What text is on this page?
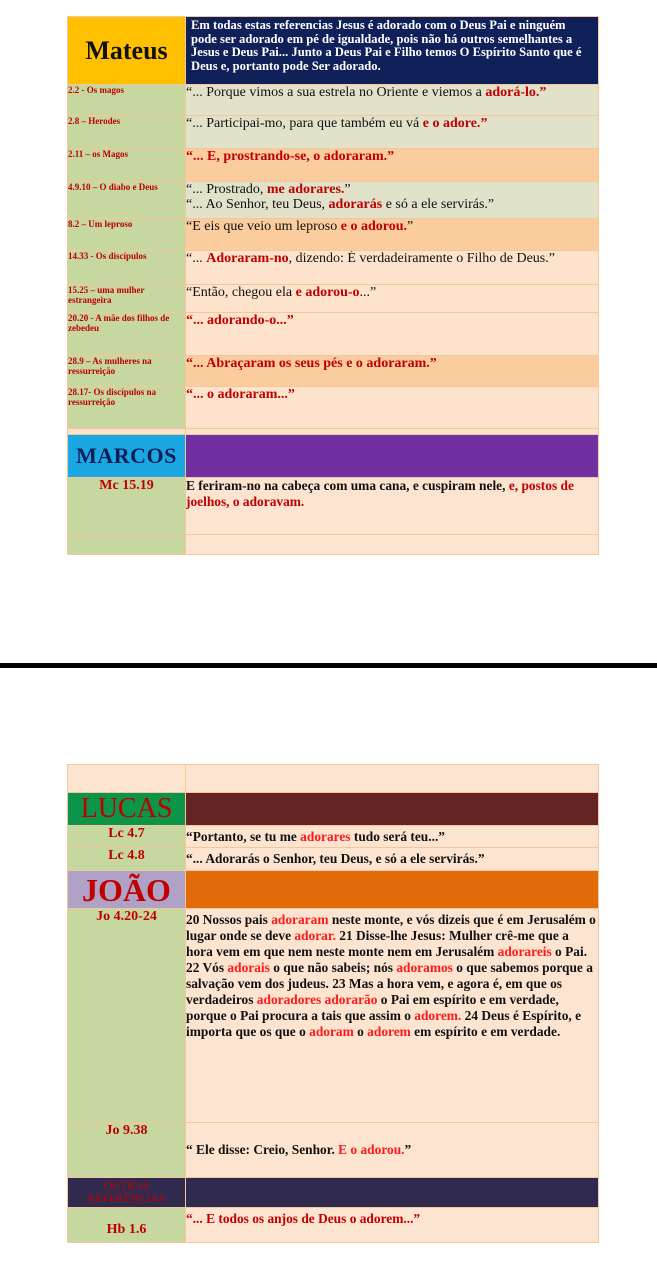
Mateus	Em todas estas referencias Jesus é adorado com o Deus Pai e ninguém pode ser adorado em pé de igualdade, pois não há outros semelhantes a Jesus e Deus Pai... Junto a Deus Pai e Filho temos O Espírito Santo que é Deus e, portanto pode Ser adorado.
2.2 - Os magos	“... Porque vimos a sua estrela no Oriente e viemos a adorá-lo.”
2.8 – Herodes	“... Participai-mo, para que também eu vá e o adore.”
2.11 – os Magos	“... E, prostrando-se, o adoraram.”
4.9.10 – O diabo e Deus	“... Prostrado, me adorares.”
“... Ao Senhor, teu Deus, adorarás e só a ele servirás.”
8.2 – Um leproso	“E eis que veio um leproso e o adorou.”
14.33 - Os discípulos	“... Adoraram-no, dizendo: É verdadeiramente o Filho de Deus.”
15.25 – uma mulher estrangeira	“Então, chegou ela e adorou-o...”
20.20 - A mãe dos filhos de zebedeu	“... adorando-o...”
28.9 – As mulheres na ressurreição	“... Abraçaram os seus pés e o adoraram.”
28.17- Os discípulos na ressurreição	“... o adoraram...”

MARCOS	
Mc 15.19	E feriram-no na cabeça com uma cana, e cuspiram nele, e, postos de joelhos, o adoravam.

LUCAS	
Lc 4.7	“Portanto, se tu me adorares tudo será teu...”
Lc 4.8	“... Adorarás o Senhor, teu Deus, e só a ele servirás.”
JOÃO	
Jo 4.20-24	20 Nossos pais adoraram neste monte, e vós dizeis que é em Jerusalém o lugar onde se deve adorar. 21 Disse-lhe Jesus: Mulher crê-me que a hora vem em que nem neste monte nem em Jerusalém adorareis o Pai. 22 Vós adorais o que não sabeis; nós adoramos o que sabemos porque a salvação vem dos judeus. 23 Mas a hora vem, e agora é, em que os verdadeiros adoradores adorarão o Pai em espírito e em verdade, porque o Pai procura a tais que assim o adorem. 24 Deus é Espírito, e importa que os que o adoram o adorem em espírito e em verdade.
Jo 9.38	“ Ele disse: Creio, Senhor. E o adorou.”
OUTRAS REFERÊNCIAS	
Hb 1.6	“... E todos os anjos de Deus o adorem...”
